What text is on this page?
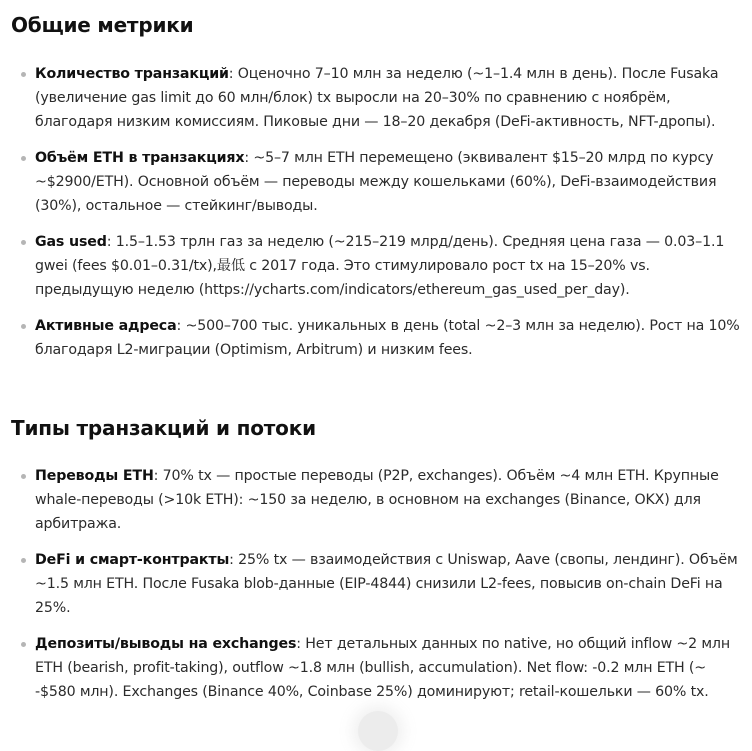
Общие метрики
Количество транзакций: Оценочно 7–10 млн за неделю (~1–1.4 млн в день). После Fusaka (увеличение gas limit до 60 млн/блок) tx выросли на 20–30% по сравнению с ноябрём, благодаря низким комиссиям. Пиковые дни — 18–20 декабря (DeFi-активность, NFT-дропы).
Объём ETH в транзакциях: ~5–7 млн ETH перемещено (эквивалент $15–20 млрд по курсу ~$2900/ETH). Основной объём — переводы между кошельками (60%), DeFi-взаимодействия (30%), остальное — стейкинг/выводы.
Gas used: 1.5–1.53 трлн газ за неделю (~215–219 млрд/день). Средняя цена газа — 0.03–1.1 gwei (fees $0.01–0.31/tx),最低 с 2017 года. Это стимулировало рост tx на 15–20% vs. предыдущую неделю (https://ycharts.com/indicators/ethereum_gas_used_per_day).
Активные адреса: ~500–700 тыс. уникальных в день (total ~2–3 млн за неделю). Рост на 10% благодаря L2-миграции (Optimism, Arbitrum) и низким fees.
Типы транзакций и потоки
Переводы ETH: 70% tx — простые переводы (P2P, exchanges). Объём ~4 млн ETH. Крупные whale-переводы (>10k ETH): ~150 за неделю, в основном на exchanges (Binance, OKX) для арбитража.
DeFi и смарт-контракты: 25% tx — взаимодействия с Uniswap, Aave (свопы, лендинг). Объём ~1.5 млн ETH. После Fusaka blob-данные (EIP-4844) снизили L2-fees, повысив on-chain DeFi на 25%.
Депозиты/выводы на exchanges: Нет детальных данных по native, но общий inflow ~2 млн ETH (bearish, profit-taking), outflow ~1.8 млн (bullish, accumulation). Net flow: -0.2 млн ETH (~ -$580 млн). Exchanges (Binance 40%, Coinbase 25%) доминируют; retail-кошельки — 60% tx.
